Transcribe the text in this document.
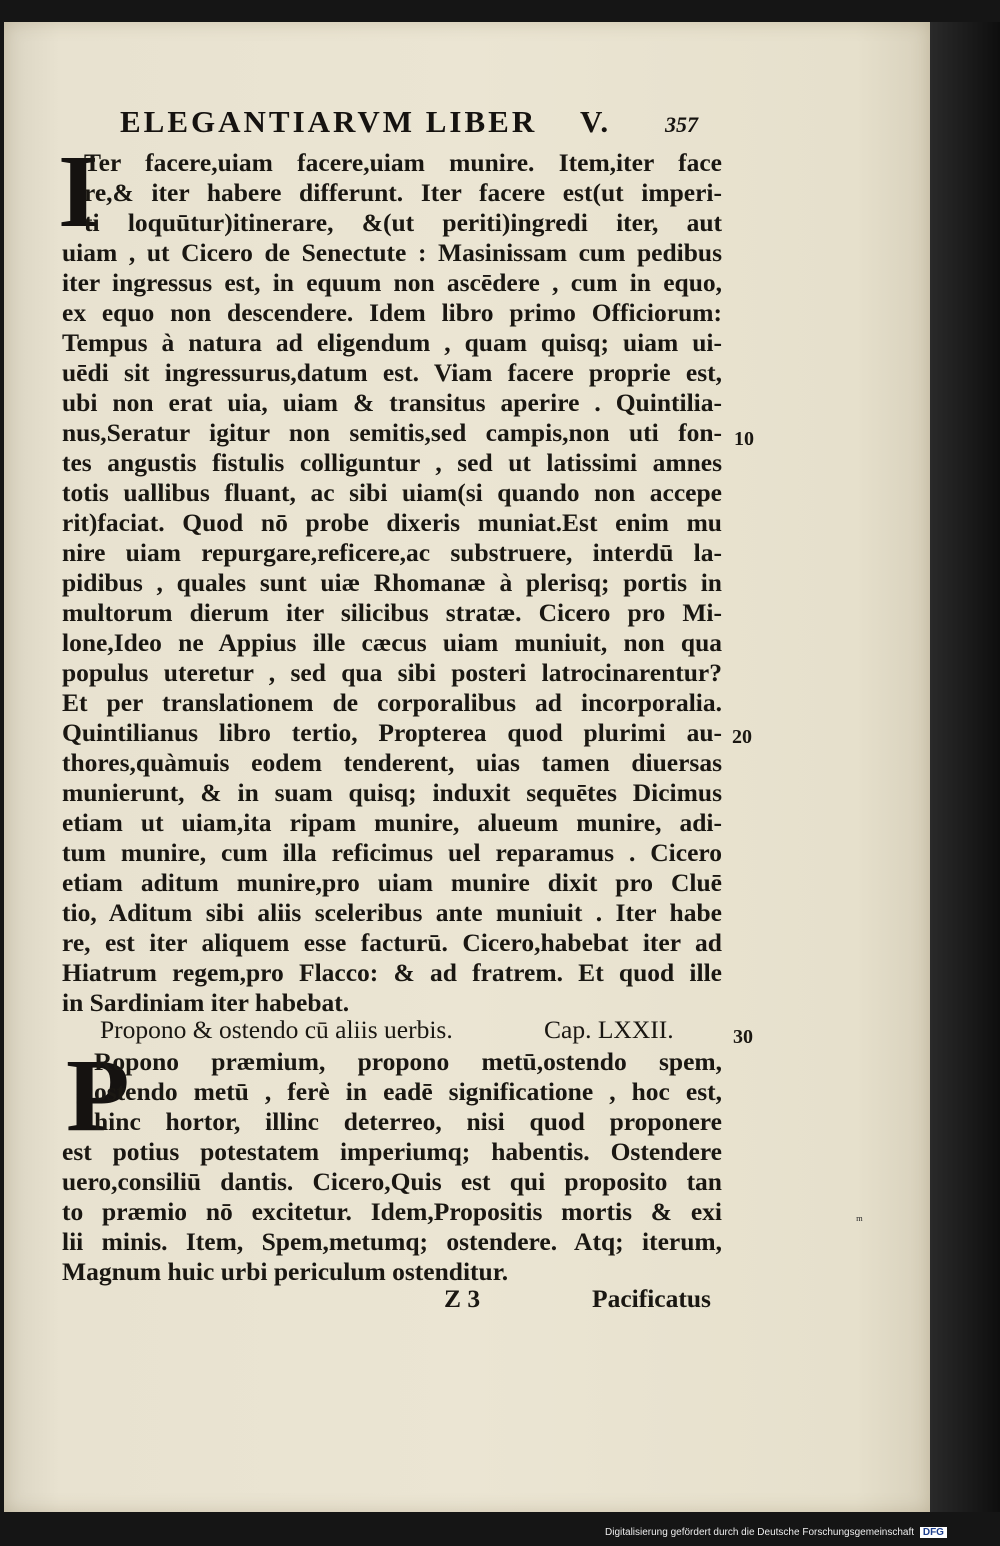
ELEGANTIARVM LIBER V. 357
I
P
Ter facere,uiam facere,uiam munire. Item,iter face
re,& iter habere differunt. Iter facere est(ut imperi-
ti loquūtur)itinerare, &(ut periti)ingredi iter, aut
uiam , ut Cicero de Senectute : Masinissam cum pedibus
iter ingressus est, in equum non ascēdere , cum in equo,
ex equo non descendere. Idem libro primo Officiorum:
Tempus à natura ad eligendum , quam quisq; uiam ui-
uēdi sit ingressurus,datum est. Viam facere proprie est,
ubi non erat uia, uiam & transitus aperire . Quintilia-
nus,Seratur igitur non semitis,sed campis,non uti fon-
tes angustis fistulis colliguntur , sed ut latissimi amnes
totis uallibus fluant, ac sibi uiam(si quando non accepe
rit)faciat. Quod nō probe dixeris muniat.Est enim mu
nire uiam repurgare,reficere,ac substruere, interdū la-
pidibus , quales sunt uiæ Rhomanæ à plerisq; portis in
multorum dierum iter silicibus stratæ. Cicero pro Mi-
lone,Ideo ne Appius ille cæcus uiam muniuit, non qua
populus uteretur , sed qua sibi posteri latrocinarentur?
Et per translationem de corporalibus ad incorporalia.
Quintilianus libro tertio, Propterea quod plurimi au-
thores,quàmuis eodem tenderent, uias tamen diuersas
munierunt, & in suam quisq; induxit sequētes Dicimus
etiam ut uiam,ita ripam munire, alueum munire, adi-
tum munire, cum illa reficimus uel reparamus . Cicero
etiam aditum munire,pro uiam munire dixit pro Cluē
tio, Aditum sibi aliis sceleribus ante muniuit . Iter habe
re, est iter aliquem esse facturū. Cicero,habebat iter ad
Hiatrum regem,pro Flacco: & ad fratrem. Et quod ille
in Sardiniam iter habebat.
Ropono præmium, propono metū,ostendo spem,
ostendo metū , ferè in eadē significatione , hoc est,
hinc hortor, illinc deterreo, nisi quod proponere
est potius potestatem imperiumq; habentis. Ostendere
uero,consiliū dantis. Cicero,Quis est qui proposito tan
to præmio nō excitetur. Idem,Propositis mortis & exi
lii minis. Item, Spem,metumq; ostendere. Atq; iterum,
Magnum huic urbi periculum ostenditur.
Propono & ostendo cū aliis uerbis.	Cap. LXXII.
10
20
30
Z 3	Pacificatus
ᵐ
Digitalisierung gefördert durch die Deutsche Forschungsgemeinschaft DFG
